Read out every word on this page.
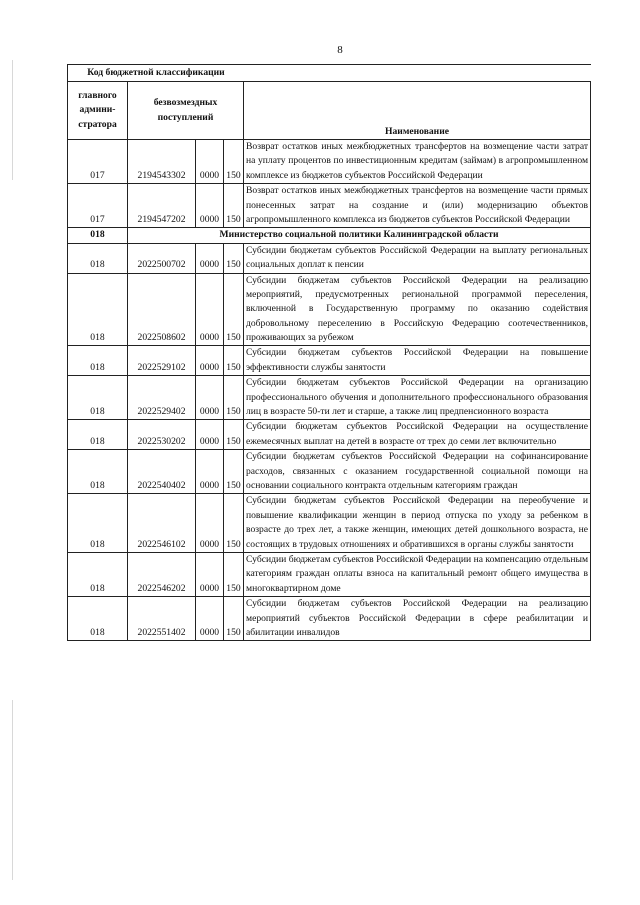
8
Код бюджетной классификации				
главного админи-стратора	безвозмездных поступлений			Наименование
017	2194543302	0000	150	Возврат остатков иных межбюджетных трансфертов на возмещение части затрат на уплату процентов по инвестиционным кредитам (займам) в агропромышленном комплексе из бюджетов субъектов Российской Федерации
017	2194547202	0000	150	Возврат остатков иных межбюджетных трансфертов на возмещение части прямых понесенных затрат на создание и (или) модернизацию объектов агропромышленного комплекса из бюджетов субъектов Российской Федерации
018	Министерство социальной политики Калининградской области			
018	2022500702	0000	150	Субсидии бюджетам субъектов Российской Федерации на выплату региональных социальных доплат к пенсии
018	2022508602	0000	150	Субсидии бюджетам субъектов Российской Федерации на реализацию мероприятий, предусмотренных региональной программой переселения, включенной в Государственную программу по оказанию содействия добровольному переселению в Российскую Федерацию соотечественников, проживающих за рубежом
018	2022529102	0000	150	Субсидии бюджетам субъектов Российской Федерации на повышение эффективности службы занятости
018	2022529402	0000	150	Субсидии бюджетам субъектов Российской Федерации на организацию профессионального обучения и дополнительного профессионального образования лиц в возрасте 50-ти лет и старше, а также лиц предпенсионного возраста
018	2022530202	0000	150	Субсидии бюджетам субъектов Российской Федерации на осуществление ежемесячных выплат на детей в возрасте от трех до семи лет включительно
018	2022540402	0000	150	Субсидии бюджетам субъектов Российской Федерации на софинансирование расходов, связанных с оказанием государственной социальной помощи на основании социального контракта отдельным категориям граждан
018	2022546102	0000	150	Субсидии бюджетам субъектов Российской Федерации на переобучение и повышение квалификации женщин в период отпуска по уходу за ребенком в возрасте до трех лет, а также женщин, имеющих детей дошкольного возраста, не состоящих в трудовых отношениях и обратившихся в органы службы занятости
018	2022546202	0000	150	Субсидии бюджетам субъектов Российской Федерации на компенсацию отдельным категориям граждан оплаты взноса на капитальный ремонт общего имущества в многоквартирном доме
018	2022551402	0000	150	Субсидии бюджетам субъектов Российской Федерации на реализацию мероприятий субъектов Российской Федерации в сфере реабилитации и абилитации инвалидов
